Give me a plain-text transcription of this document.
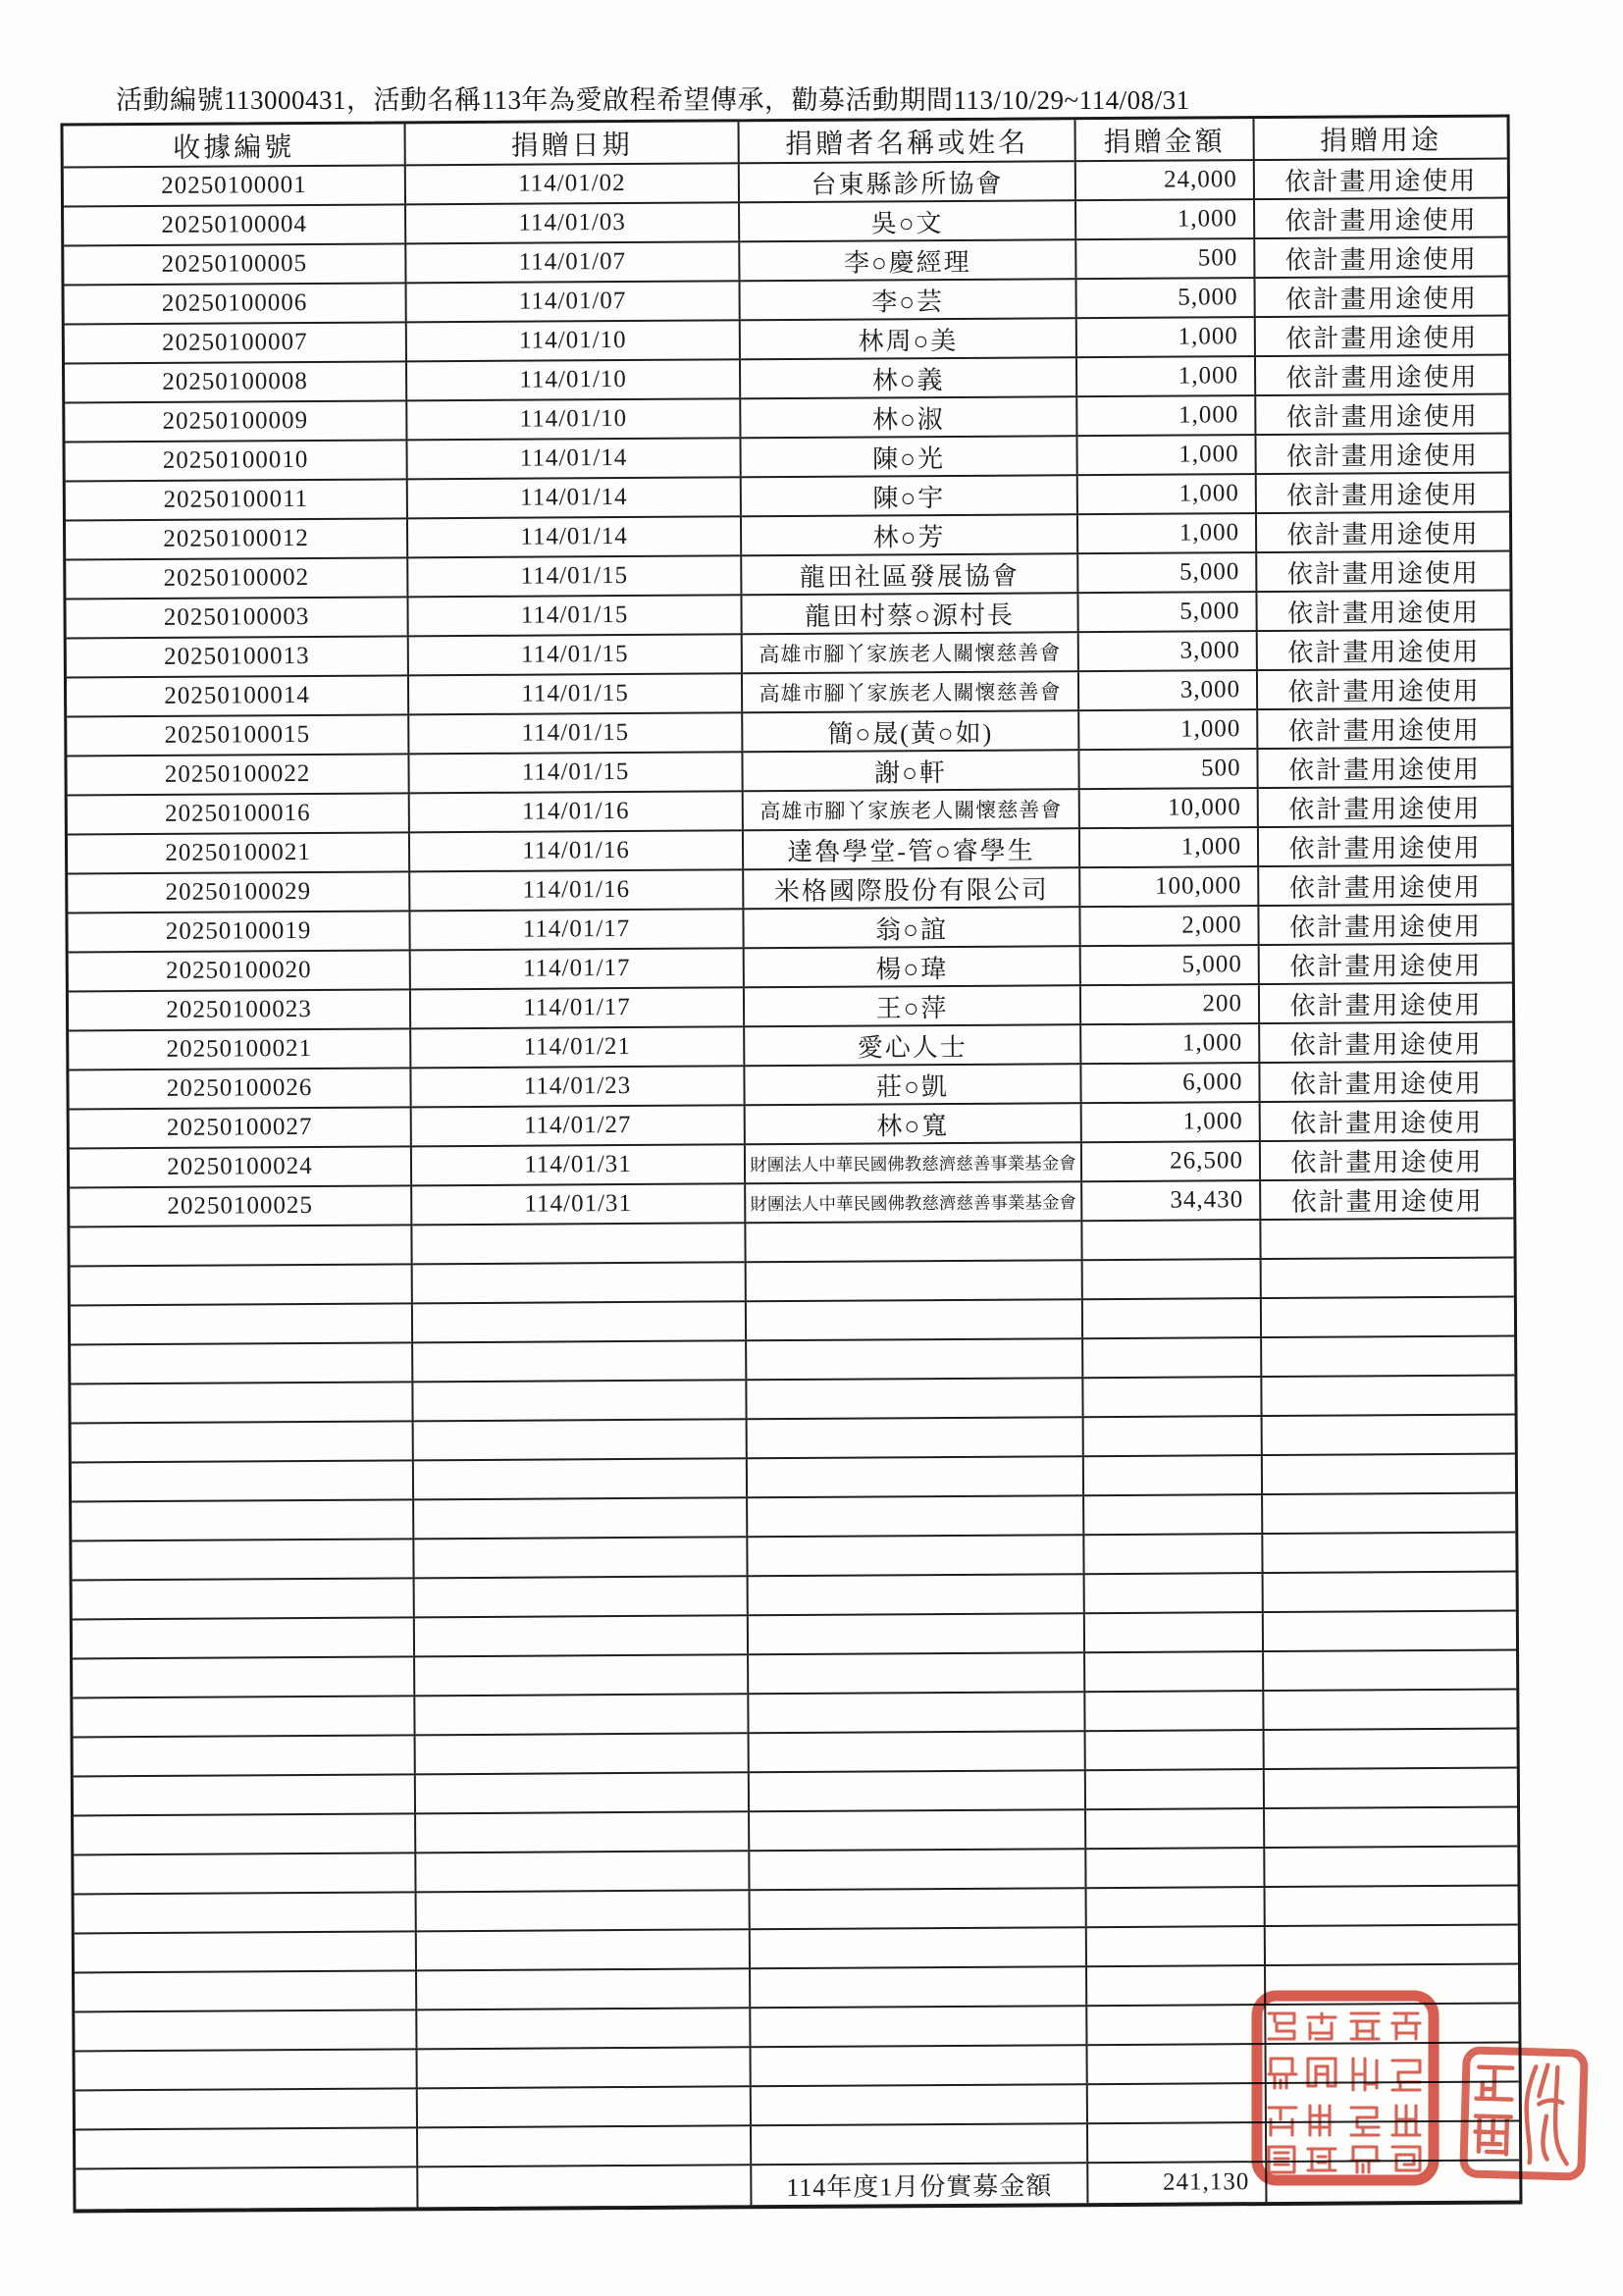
活動編號113000431，活動名稱113年為愛啟程希望傳承，勸募活動期間113/10/29~114/08/31
收據編號	捐贈日期	捐贈者名稱或姓名	捐贈金額	捐贈用途
20250100001	114/01/02	台東縣診所協會	24,000	依計畫用途使用
20250100004	114/01/03	吳○文	1,000	依計畫用途使用
20250100005	114/01/07	李○慶經理	500	依計畫用途使用
20250100006	114/01/07	李○芸	5,000	依計畫用途使用
20250100007	114/01/10	林周○美	1,000	依計畫用途使用
20250100008	114/01/10	林○義	1,000	依計畫用途使用
20250100009	114/01/10	林○淑	1,000	依計畫用途使用
20250100010	114/01/14	陳○光	1,000	依計畫用途使用
20250100011	114/01/14	陳○宇	1,000	依計畫用途使用
20250100012	114/01/14	林○芳	1,000	依計畫用途使用
20250100002	114/01/15	龍田社區發展協會	5,000	依計畫用途使用
20250100003	114/01/15	龍田村蔡○源村長	5,000	依計畫用途使用
20250100013	114/01/15	高雄市腳丫家族老人關懷慈善會	3,000	依計畫用途使用
20250100014	114/01/15	高雄市腳丫家族老人關懷慈善會	3,000	依計畫用途使用
20250100015	114/01/15	簡○晟(黃○如)	1,000	依計畫用途使用
20250100022	114/01/15	謝○軒	500	依計畫用途使用
20250100016	114/01/16	高雄市腳丫家族老人關懷慈善會	10,000	依計畫用途使用
20250100021	114/01/16	達魯學堂-管○睿學生	1,000	依計畫用途使用
20250100029	114/01/16	米格國際股份有限公司	100,000	依計畫用途使用
20250100019	114/01/17	翁○誼	2,000	依計畫用途使用
20250100020	114/01/17	楊○瑋	5,000	依計畫用途使用
20250100023	114/01/17	王○萍	200	依計畫用途使用
20250100021	114/01/21	愛心人士	1,000	依計畫用途使用
20250100026	114/01/23	莊○凱	6,000	依計畫用途使用
20250100027	114/01/27	林○寬	1,000	依計畫用途使用
20250100024	114/01/31	財團法人中華民國佛教慈濟慈善事業基金會	26,500	依計畫用途使用
20250100025	114/01/31	財團法人中華民國佛教慈濟慈善事業基金會	34,430	依計畫用途使用
114年度1月份實募金額	241,130
